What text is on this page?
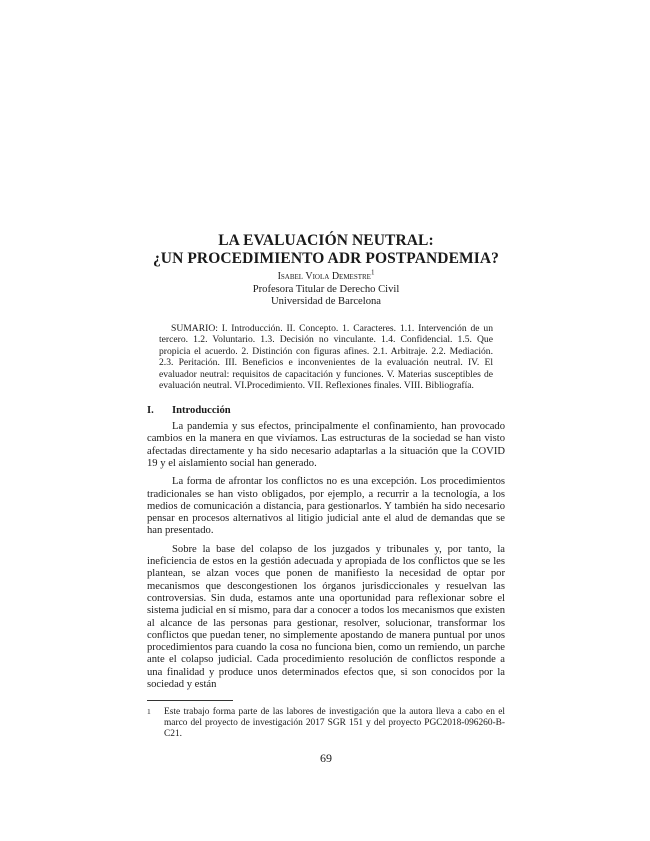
LA EVALUACIÓN NEUTRAL:
¿UN PROCEDIMIENTO ADR POSTPANDEMIA?
Isabel Viola Demestre$^1$
Profesora Titular de Derecho Civil
Universidad de Barcelona

SUMARIO: I. Introducción. II. Concepto. 1. Caracteres. 1.1. Intervención de un tercero. 1.2. Voluntario. 1.3. Decisión no vinculante. 1.4. Confidencial. 1.5. Que propicia el acuerdo. 2. Distinción con figuras afines. 2.1. Arbitraje. 2.2. Mediación. 2.3. Peritación. III. Beneficios e inconvenientes de la evaluación neutral. IV. El evaluador neutral: requisitos de capacitación y funciones. V. Materias susceptibles de evaluación neutral. VI.Procedimiento. VII. Reflexiones finales. VIII. Bibliografía.

I.	Introducción

La pandemia y sus efectos, principalmente el confinamiento, han provocado cambios en la manera en que vivíamos. Las estructuras de la sociedad se han visto afectadas directamente y ha sido necesario adaptarlas a la situación que la COVID 19 y el aislamiento social han generado.

La forma de afrontar los conflictos no es una excepción. Los procedimientos tradicionales se han visto obligados, por ejemplo, a recurrir a la tecnología, a los medios de comunicación a distancia, para gestionarlos. Y también ha sido necesario pensar en procesos alternativos al litigio judicial ante el alud de demandas que se han presentado.

Sobre la base del colapso de los juzgados y tribunales y, por tanto, la ineficiencia de estos en la gestión adecuada y apropiada de los conflictos que se les plantean, se alzan voces que ponen de manifiesto la necesidad de optar por mecanismos que descongestionen los órganos jurisdiccionales y resuelvan las controversias. Sin duda, estamos ante una oportunidad para reflexionar sobre el sistema judicial en sí mismo, para dar a conocer a todos los mecanismos que existen al alcance de las personas para gestionar, resolver, solucionar, transformar los conflictos que puedan tener, no simplemente apostando de manera puntual por unos procedimientos para cuando la cosa no funciona bien, como un remiendo, un parche ante el colapso judicial. Cada procedimiento resolución de conflictos responde a una finalidad y produce unos determinados efectos que, si son conocidos por la sociedad y están

1	Este trabajo forma parte de las labores de investigación que la autora lleva a cabo en el marco del proyecto de investigación 2017 SGR 151 y del proyecto PGC2018-096260-B-C21.
69
